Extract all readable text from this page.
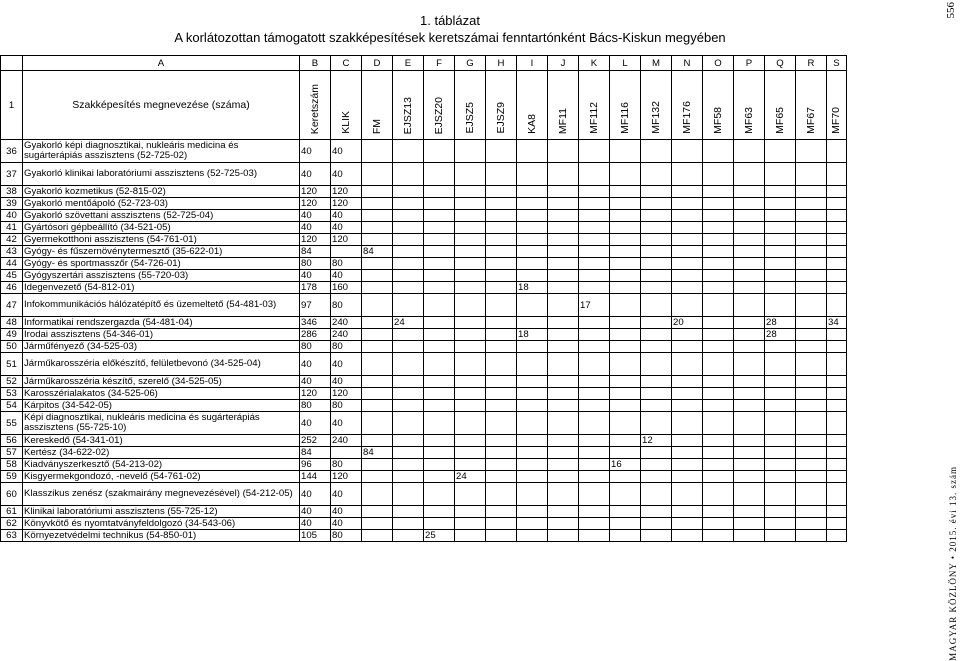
1. táblázat
A korlátozottan támogatott szakképesítések keretszámai fenntartónként Bács-Kiskun megyében
556
MAGYAR KÖZLÖNY • 2015. évi 13. szám
	A	B	C	D	E	F	G	H	I	J	K	L	M	N	O	P	Q	R	S
1	Szakképesítés megnevezése (száma)	Keretszám	KLIK	FM	EJSZ13	EJSZ20	EJSZ5	EJSZ9	KA8	MF11	MF112	MF116	MF132	MF176	MF58	MF63	MF65	MF67	MF70
36	Gyakorló képi diagnosztikai, nukleáris medicina és sugárterápiás asszisztens (52-725-02)	40	40																
37	Gyakorló klinikai laboratóriumi asszisztens (52-725-03)	40	40																
38	Gyakorló kozmetikus (52-815-02)	120	120																
39	Gyakorló mentőápoló (52-723-03)	120	120																
40	Gyakorló szövettani asszisztens (52-725-04)	40	40																
41	Gyártósori gépbeállító (34-521-05)	40	40																
42	Gyermekotthoni asszisztens (54-761-01)	120	120																
43	Gyógy- és fűszernövénytermesztő (35-622-01)	84		84															
44	Gyógy- és sportmasszőr (54-726-01)	80	80																
45	Gyógyszertári asszisztens (55-720-03)	40	40																
46	Idegenvezető (54-812-01)	178	160						18										
47	Infokommunikációs hálózatépítő és üzemeltető (54-481-03)	97	80								17								
48	Informatikai rendszergazda (54-481-04)	346	240		24									20			28		34
49	Irodai asszisztens (54-346-01)	286	240						18								28		
50	Járműfényező (34-525-03)	80	80																
51	Járműkarosszéria előkészítő, felületbevonó (34-525-04)	40	40																
52	Járműkarosszéria készítő, szerelő (34-525-05)	40	40																
53	Karosszérialakatos (34-525-06)	120	120																
54	Kárpitos (34-542-05)	80	80																
55	Képi diagnosztikai, nukleáris medicina és sugárterápiás asszisztens (55-725-10)	40	40																
56	Kereskedő (54-341-01)	252	240										12						
57	Kertész (34-622-02)	84		84															
58	Kiadványszerkesztő (54-213-02)	96	80									16							
59	Kisgyermekgondozó, -nevelő (54-761-02)	144	120				24												
60	Klasszikus zenész (szakmairány megnevezésével) (54-212-05)	40	40																
61	Klinikai laboratóriumi asszisztens (55-725-12)	40	40																
62	Könyvkötő és nyomtatványfeldolgozó (34-543-06)	40	40																
63	Környezetvédelmi technikus (54-850-01)	105	80			25													
